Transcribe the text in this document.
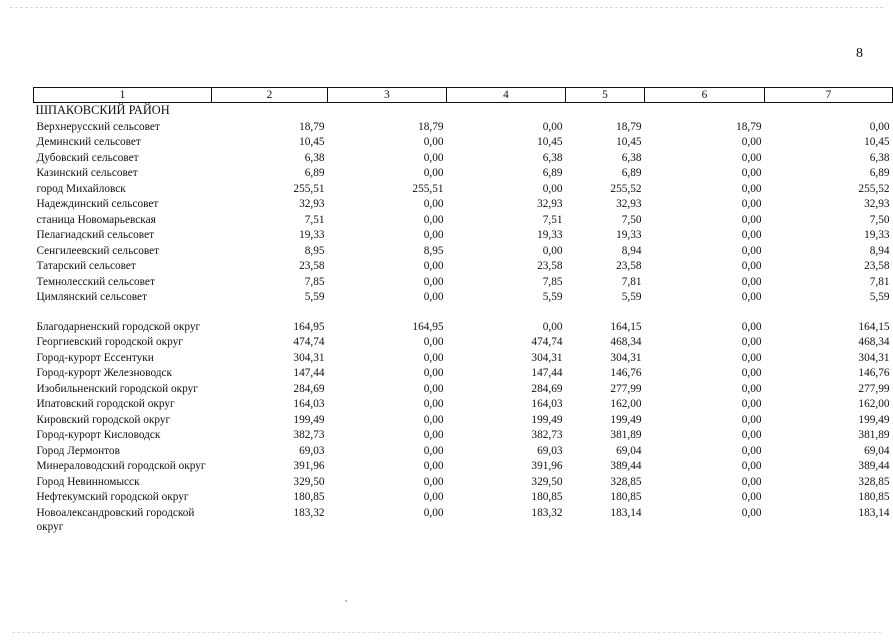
8
1	2	3	4	5	6	7
ШПАКОВСКИЙ РАЙОН						
Верхнерусский сельсовет	18,79	18,79	0,00	18,79	18,79	0,00
Деминский сельсовет	10,45	0,00	10,45	10,45	0,00	10,45
Дубовский сельсовет	6,38	0,00	6,38	6,38	0,00	6,38
Казинский сельсовет	6,89	0,00	6,89	6,89	0,00	6,89
город Михайловск	255,51	255,51	0,00	255,52	0,00	255,52
Надеждинский сельсовет	32,93	0,00	32,93	32,93	0,00	32,93
станица Новомарьевская	7,51	0,00	7,51	7,50	0,00	7,50
Пелагиадский сельсовет	19,33	0,00	19,33	19,33	0,00	19,33
Сенгилеевский сельсовет	8,95	8,95	0,00	8,94	0,00	8,94
Татарский сельсовет	23,58	0,00	23,58	23,58	0,00	23,58
Темнолесский сельсовет	7,85	0,00	7,85	7,81	0,00	7,81
Цимлянский сельсовет	5,59	0,00	5,59	5,59	0,00	5,59

Благодарненский городской округ	164,95	164,95	0,00	164,15	0,00	164,15
Георгиевский городской округ	474,74	0,00	474,74	468,34	0,00	468,34
Город-курорт Ессентуки	304,31	0,00	304,31	304,31	0,00	304,31
Город-курорт Железноводск	147,44	0,00	147,44	146,76	0,00	146,76
Изобильненский городской округ	284,69	0,00	284,69	277,99	0,00	277,99
Ипатовский городской округ	164,03	0,00	164,03	162,00	0,00	162,00
Кировский городской округ	199,49	0,00	199,49	199,49	0,00	199,49
Город-курорт Кисловодск	382,73	0,00	382,73	381,89	0,00	381,89
Город Лермонтов	69,03	0,00	69,03	69,04	0,00	69,04
Минераловодский городской округ	391,96	0,00	391,96	389,44	0,00	389,44
Город Невинномысск	329,50	0,00	329,50	328,85	0,00	328,85
Нефтекумский городской округ	180,85	0,00	180,85	180,85	0,00	180,85
Новоалександровский городской округ	183,32	0,00	183,32	183,14	0,00	183,14
